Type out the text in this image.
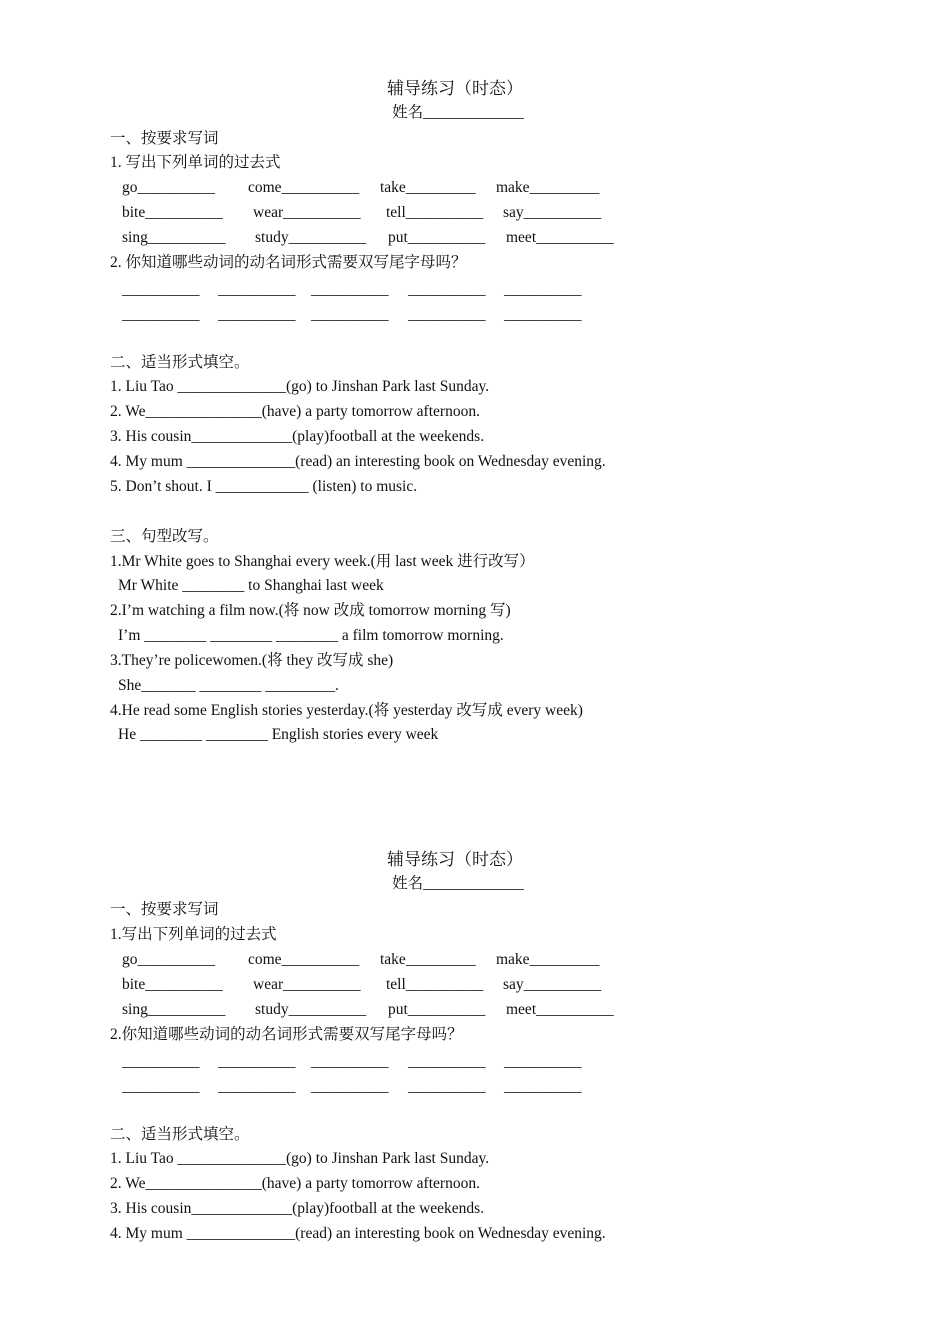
辅导练习（时态）
姓名_____________
一、按要求写词
1. 写出下列单词的过去式
go__________ come__________ take_________ make_________
bite__________ wear__________ tell__________ say__________
sing__________ study__________ put__________ meet__________
2. 你知道哪些动词的动名词形式需要双写尾字母吗？
__________ __________ __________ __________ __________
__________ __________ __________ __________ __________
二、适当形式填空。
1. Liu Tao ______________(go) to Jinshan Park last Sunday.
2. We_______________(have) a party tomorrow afternoon.
3. His cousin_____________(play)football at the weekends.
4. My mum ______________(read) an interesting book on Wednesday evening.
5. Don’t shout. I ____________ (listen) to music.
三、句型改写。
1.Mr White goes to Shanghai every week.(用 last week 进行改写）
Mr White ________ to Shanghai last week
2.I’m watching a film now.(将 now 改成 tomorrow morning 写)
I’m ________ ________ ________ a film tomorrow morning.
3.They’re policewomen.(将 they 改写成 she)
She_______ ________ _________.
4.He read some English stories yesterday.(将 yesterday 改写成 every week)
He ________ ________ English stories every week
辅导练习（时态）
姓名_____________
一、按要求写词
1.写出下列单词的过去式
go__________ come__________ take_________ make_________
bite__________ wear__________ tell__________ say__________
sing__________ study__________ put__________ meet__________
2.你知道哪些动词的动名词形式需要双写尾字母吗？
__________ __________ __________ __________ __________
__________ __________ __________ __________ __________
二、适当形式填空。
1. Liu Tao ______________(go) to Jinshan Park last Sunday.
2. We_______________(have) a party tomorrow afternoon.
3. His cousin_____________(play)football at the weekends.
4. My mum ______________(read) an interesting book on Wednesday evening.
